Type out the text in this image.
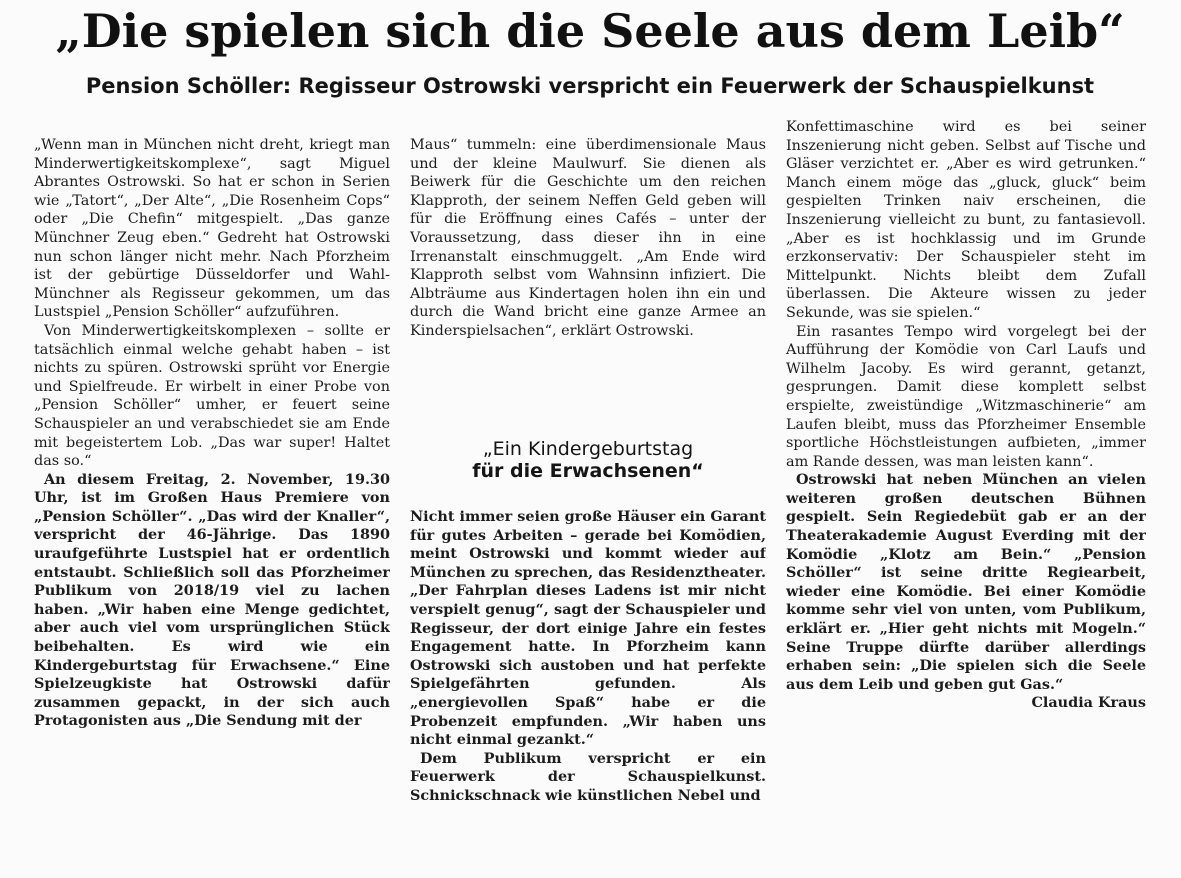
„Die spielen sich die Seele aus dem Leib“
Pension Schöller: Regisseur Ostrowski verspricht ein Feuerwerk der Schauspielkunst

„Wenn man in München nicht dreht, kriegt man Minderwertigkeitskomplexe“, sagt Miguel Abrantes Ostrowski. So hat er schon in Serien wie „Tatort“, „Der Alte“, „Die Rosenheim Cops“ oder „Die Chefin“ mitgespielt. „Das ganze Münchner Zeug eben.“ Gedreht hat Ostrowski nun schon länger nicht mehr. Nach Pforzheim ist der gebürtige Düsseldorfer und Wahl-Münchner als Regisseur gekommen, um das Lustspiel „Pension Schöller“ aufzuführen.

Von Minderwertigkeitskomplexen – sollte er tatsächlich einmal welche gehabt haben – ist nichts zu spüren. Ostrowski sprüht vor Energie und Spielfreude. Er wirbelt in einer Probe von „Pension Schöller“ umher, er feuert seine Schauspieler an und verabschiedet sie am Ende mit begeistertem Lob. „Das war super! Haltet das so.“

An diesem Freitag, 2. November, 19.30 Uhr, ist im Großen Haus Premiere von „Pension Schöller“. „Das wird der Knaller“, verspricht der 46-Jährige. Das 1890 uraufgeführte Lustspiel hat er ordentlich entstaubt. Schließlich soll das Pforzheimer Publikum von 2018/19 viel zu lachen haben. „Wir haben eine Menge gedichtet, aber auch viel vom ursprünglichen Stück beibehalten. Es wird wie ein Kindergeburtstag für Erwachsene.“ Eine Spielzeugkiste hat Ostrowski dafür zusammen gepackt, in der sich auch Protagonisten aus „Die Sendung mit der

Maus“ tummeln: eine überdimensionale Maus und der kleine Maulwurf. Sie dienen als Beiwerk für die Geschichte um den reichen Klapproth, der seinem Neffen Geld geben will für die Eröffnung eines Cafés – unter der Voraussetzung, dass dieser ihn in eine Irrenanstalt einschmuggelt. „Am Ende wird Klapproth selbst vom Wahnsinn infiziert. Die Albträume aus Kindertagen holen ihn ein und durch die Wand bricht eine ganze Armee an Kinderspielsachen“, erklärt Ostrowski.

„Ein Kindergeburtstag
für die Erwachsenen“

Nicht immer seien große Häuser ein Garant für gutes Arbeiten – gerade bei Komödien, meint Ostrowski und kommt wieder auf München zu sprechen, das Residenztheater. „Der Fahrplan dieses Ladens ist mir nicht verspielt genug“, sagt der Schauspieler und Regisseur, der dort einige Jahre ein festes Engagement hatte. In Pforzheim kann Ostrowski sich austoben und hat perfekte Spielgefährten gefunden. Als „energievollen Spaß“ habe er die Probenzeit empfunden. „Wir haben uns nicht einmal gezankt.“

Dem Publikum verspricht er ein Feuerwerk der Schauspielkunst. Schnickschnack wie künstlichen Nebel und

Konfettimaschine wird es bei seiner Inszenierung nicht geben. Selbst auf Tische und Gläser verzichtet er. „Aber es wird getrunken.“ Manch einem möge das „gluck, gluck“ beim gespielten Trinken naiv erscheinen, die Inszenierung vielleicht zu bunt, zu fantasievoll. „Aber es ist hochklassig und im Grunde erzkonservativ: Der Schauspieler steht im Mittelpunkt. Nichts bleibt dem Zufall überlassen. Die Akteure wissen zu jeder Sekunde, was sie spielen.“

Ein rasantes Tempo wird vorgelegt bei der Aufführung der Komödie von Carl Laufs und Wilhelm Jacoby. Es wird gerannt, getanzt, gesprungen. Damit diese komplett selbst erspielte, zweistündige „Witzmaschinerie“ am Laufen bleibt, muss das Pforzheimer Ensemble sportliche Höchstleistungen aufbieten, „immer am Rande dessen, was man leisten kann“.

Ostrowski hat neben München an vielen weiteren großen deutschen Bühnen gespielt. Sein Regiedebüt gab er an der Theaterakademie August Everding mit der Komödie „Klotz am Bein.“ „Pension Schöller“ ist seine dritte Regiearbeit, wieder eine Komödie. Bei einer Komödie komme sehr viel von unten, vom Publikum, erklärt er. „Hier geht nichts mit Mogeln.“ Seine Truppe dürfte darüber allerdings erhaben sein: „Die spielen sich die Seele aus dem Leib und geben gut Gas.“

Claudia Kraus
